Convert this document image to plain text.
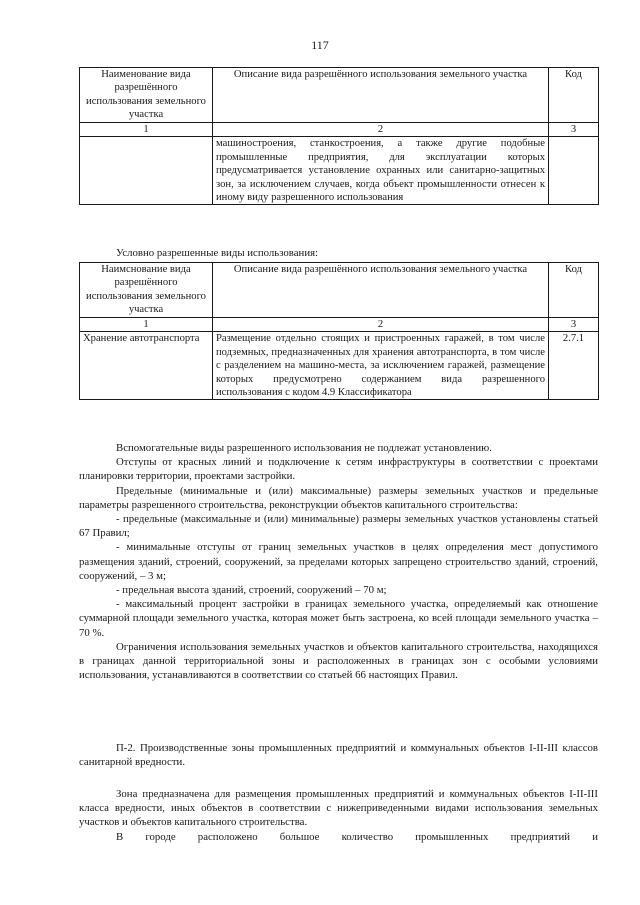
117
Наименование вида разрешённого использования земельного участка	Описание вида разрешённого использования земельного участка	Код
1	2	3
	машиностроения, станкостроения, а также другие подобные промышленные предприятия, для эксплуатации которых предусматривается установление охранных или санитарно-защитных зон, за исключением случаев, когда объект промышленности отнесен к иному виду разрешенного использования	
Условно разрешенные виды использования:
Наимснование вида разрешённого использования земельного участка	Описание вида разрешённого использования земельного участка	Код
1	2	3
Хранение автотранспорта	Размещение отдельно стоящих и пристроенных гаражей, в том числе подземных, предназначенных для хранения автотранспорта, в том числе с разделением на машино-места, за исключением гаражей, размещение которых предусмотрено содержанием вида разрешенного использования с кодом 4.9 Классификатора	2.7.1

Вспомогательные виды разрешенного использования не подлежат установлению.

Отступы от красных линий и подключение к сетям инфраструктуры в соответствии с проектами планировки территории, проектами застройки.

Предельные (минимальные и (или) максимальные) размеры земельных участков и предельные параметры разрешенного строительства, реконструкции объектов капитального строительства:

- предельные (максимальные и (или) минимальные) размеры земельных участков установлены статьей 67 Правил;

- минимальные отступы от границ земельных участков в целях определения мест допустимого размещения зданий, строений, сооружений, за пределами которых запрещено строительство зданий, строений, сооружений, – 3 м;

- предельная высота зданий, строений, сооружений – 70 м;

- максимальный процент застройки в границах земельного участка, определяемый как отношение суммарной площади земельного участка, которая может быть застроена, ко всей площади земельного участка – 70 %.

Ограничения использования земельных участков и объектов капитального строительства, находящихся в границах данной территориальной зоны и расположенных в границах зон с особыми условиями использования, устанавливаются в соответствии со статьей 66 настоящих Правил.

П-2. Производственные зоны промышленных предприятий и коммунальных объектов I-II-III классов санитарной вредности.

Зона предназначена для размещения промышленных предприятий и коммунальных объектов I-II-III класса вредности, иных объектов в соответствии с нижеприведенными видами использования земельных участков и объектов капитального строительства.

В городе расположено большое количество промышленных предприятий и
